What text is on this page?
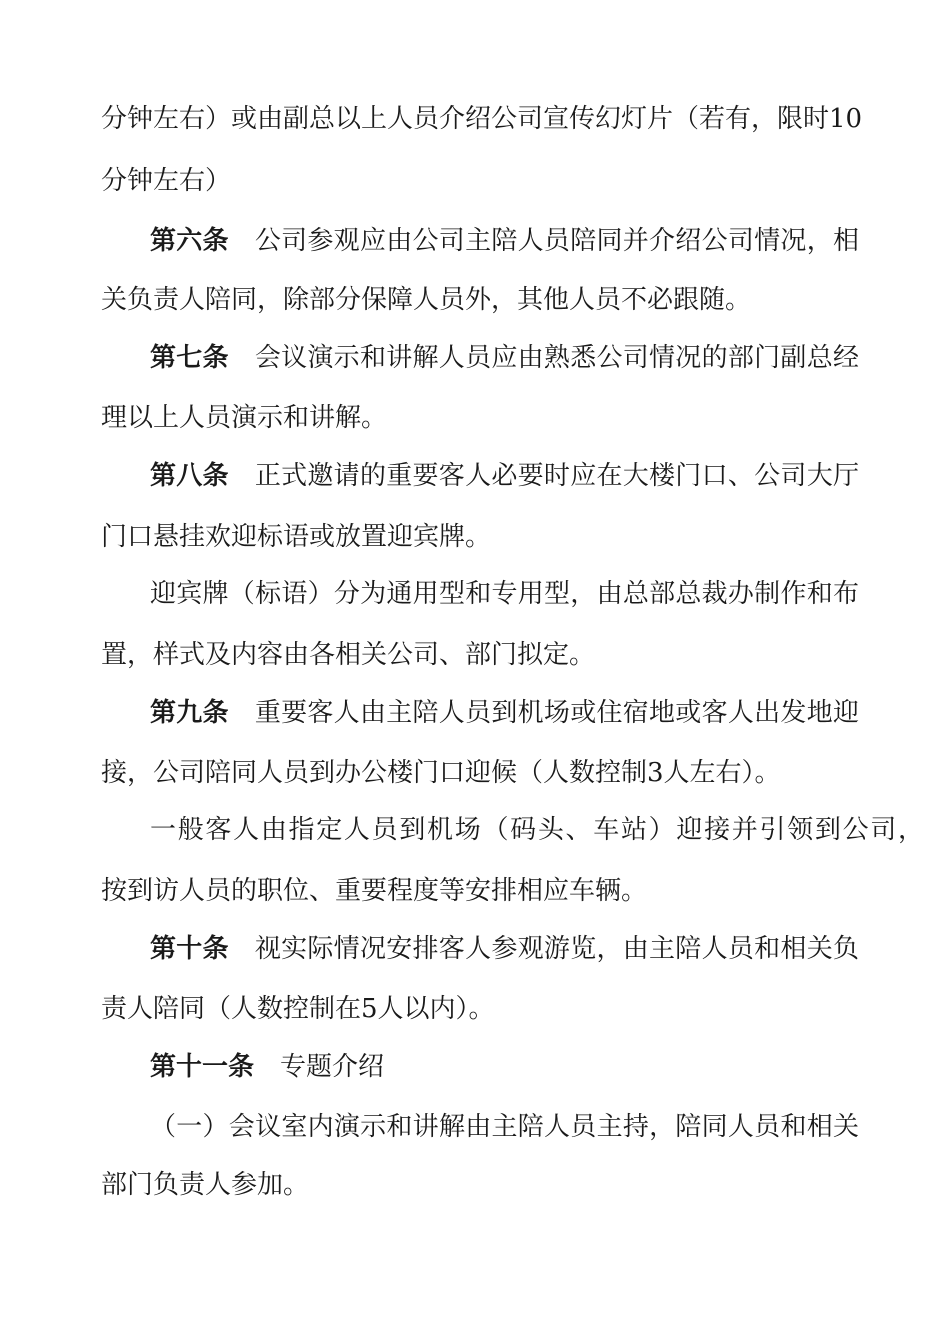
分钟左右）或由副总以上人员介绍公司宣传幻灯片（若有，限时10
分钟左右）
第六条 公司参观应由公司主陪人员陪同并介绍公司情况，相
关负责人陪同，除部分保障人员外，其他人员不必跟随。
第七条 会议演示和讲解人员应由熟悉公司情况的部门副总经
理以上人员演示和讲解。
第八条 正式邀请的重要客人必要时应在大楼门口、公司大厅
门口悬挂欢迎标语或放置迎宾牌。
迎宾牌（标语）分为通用型和专用型，由总部总裁办制作和布
置，样式及内容由各相关公司、部门拟定。
第九条 重要客人由主陪人员到机场或住宿地或客人出发地迎
接，公司陪同人员到办公楼门口迎候（人数控制3人左右）。
一般客人由指定人员到机场（码头、车站）迎接并引领到公司，
按到访人员的职位、重要程度等安排相应车辆。
第十条 视实际情况安排客人参观游览，由主陪人员和相关负
责人陪同（人数控制在5人以内）。
第十一条 专题介绍
（一）会议室内演示和讲解由主陪人员主持，陪同人员和相关
部门负责人参加。
